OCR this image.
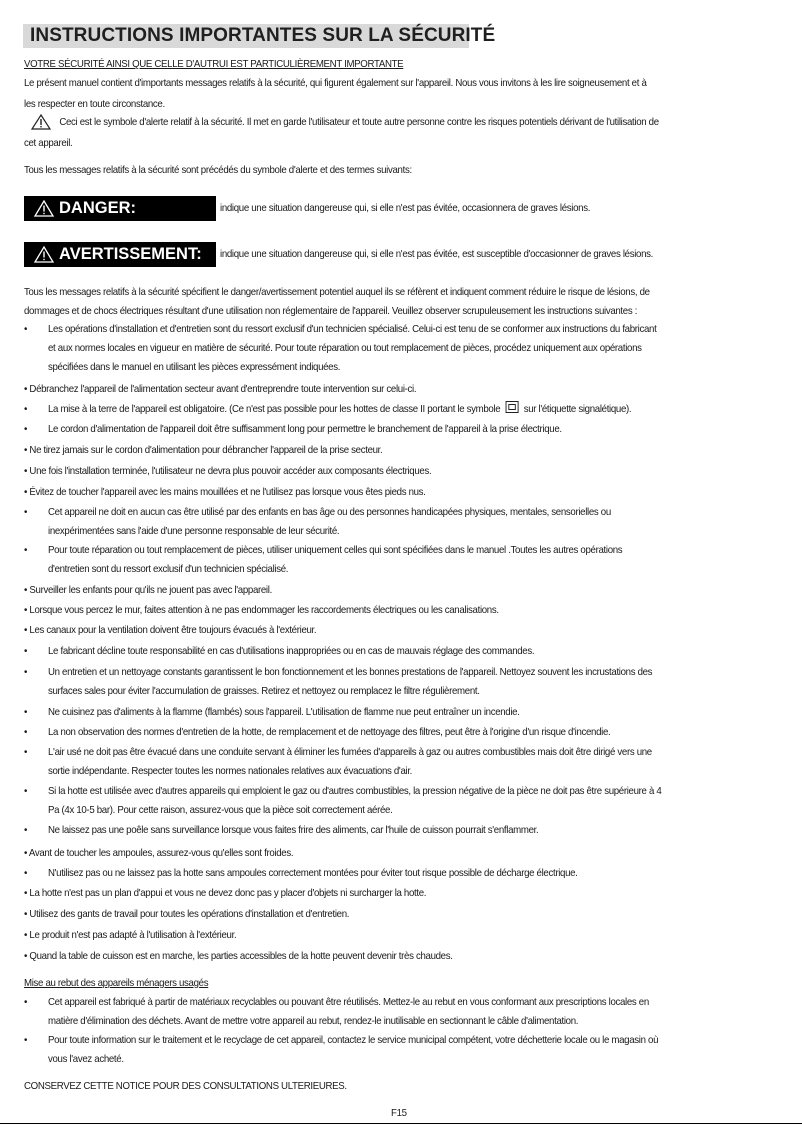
INSTRUCTIONS IMPORTANTES SUR LA SÉCURITÉ
VOTRE SÉCURITÉ AINSI QUE CELLE D'AUTRUI EST PARTICULIÈREMENT IMPORTANTE
Le présent manuel contient d'importants messages relatifs à la sécurité, qui figurent également sur l'appareil. Nous vous invitons à les lire soigneusement et à
les respecter en toute circonstance.
Ceci est le symbole d'alerte relatif à la sécurité. Il met en garde l'utilisateur et toute autre personne contre les risques potentiels dérivant de l'utilisation de
cet appareil.
Tous les messages relatifs à la sécurité sont précédés du symbole d'alerte et des termes suivants:
DANGER:	indique une situation dangereuse qui, si elle n'est pas évitée, occasionnera de graves lésions.
AVERTISSEMENT: indique une situation dangereuse qui, si elle n'est pas évitée, est susceptible d'occasionner de graves lésions.
Tous les messages relatifs à la sécurité spécifient le danger/avertissement potentiel auquel ils se réfèrent et indiquent comment réduire le risque de lésions, de
dommages et de chocs électriques résultant d'une utilisation non réglementaire de l'appareil. Veuillez observer scrupuleusement les instructions suivantes :
•	Les opérations d'installation et d'entretien sont du ressort exclusif d'un technicien spécialisé. Celui-ci est tenu de se conformer aux instructions du fabricant
et aux normes locales en vigueur en matière de sécurité. Pour toute réparation ou tout remplacement de pièces, procédez uniquement aux opérations
spécifiées dans le manuel en utilisant les pièces expressément indiquées.
• Débranchez l'appareil de l'alimentation secteur avant d'entreprendre toute intervention sur celui-ci.
•	La mise à la terre de l'appareil est obligatoire. (Ce n'est pas possible pour les hottes de classe II portant le symbole sur l'étiquette signalétique).
•	Le cordon d'alimentation de l'appareil doit être suffisamment long pour permettre le branchement de l'appareil à la prise électrique.
• Ne tirez jamais sur le cordon d'alimentation pour débrancher l'appareil de la prise secteur.
• Une fois l'installation terminée, l'utilisateur ne devra plus pouvoir accéder aux composants électriques.
• Évitez de toucher l'appareil avec les mains mouillées et ne l'utilisez pas lorsque vous êtes pieds nus.
•	Cet appareil ne doit en aucun cas être utilisé par des enfants en bas âge ou des personnes handicapées physiques, mentales, sensorielles ou
inexpérimentées sans l'aide d'une personne responsable de leur sécurité.
•	Pour toute réparation ou tout remplacement de pièces, utiliser uniquement celles qui sont spécifiées dans le manuel .Toutes les autres opérations
d'entretien sont du ressort exclusif d'un technicien spécialisé.
• Surveiller les enfants pour qu'ils ne jouent pas avec l'appareil.
• Lorsque vous percez le mur, faites attention à ne pas endommager les raccordements électriques ou les canalisations.
• Les canaux pour la ventilation doivent être toujours évacués à l'extérieur.
•	Le fabricant décline toute responsabilité en cas d'utilisations inappropriées ou en cas de mauvais réglage des commandes.
•	Un entretien et un nettoyage constants garantissent le bon fonctionnement et les bonnes prestations de l'appareil. Nettoyez souvent les incrustations des
surfaces sales pour éviter l'accumulation de graisses. Retirez et nettoyez ou remplacez le filtre régulièrement.
•	Ne cuisinez pas d'aliments à la flamme (flambés) sous l'appareil. L'utilisation de flamme nue peut entraîner un incendie.
•	La non observation des normes d'entretien de la hotte, de remplacement et de nettoyage des filtres, peut être à l'origine d'un risque d'incendie.
•	L'air usé ne doit pas être évacué dans une conduite servant à éliminer les fumées d'appareils à gaz ou autres combustibles mais doit être dirigé vers une
sortie indépendante. Respecter toutes les normes nationales relatives aux évacuations d'air.
•	Si la hotte est utilisée avec d'autres appareils qui emploient le gaz ou d'autres combustibles, la pression négative de la pièce ne doit pas être supérieure à 4
Pa (4x 10-5 bar). Pour cette raison, assurez-vous que la pièce soit correctement aérée.
•	Ne laissez pas une poêle sans surveillance lorsque vous faites frire des aliments, car l'huile de cuisson pourrait s'enflammer.
• Avant de toucher les ampoules, assurez-vous qu'elles sont froides.
•	N'utilisez pas ou ne laissez pas la hotte sans ampoules correctement montées pour éviter tout risque possible de décharge électrique.
• La hotte n'est pas un plan d'appui et vous ne devez donc pas y placer d'objets ni surcharger la hotte.
• Utilisez des gants de travail pour toutes les opérations d'installation et d'entretien.
• Le produit n'est pas adapté à l'utilisation à l'extérieur.
• Quand la table de cuisson est en marche, les parties accessibles de la hotte peuvent devenir très chaudes.
Mise au rebut des appareils ménagers usagés
•	Cet appareil est fabriqué à partir de matériaux recyclables ou pouvant être réutilisés. Mettez-le au rebut en vous conformant aux prescriptions locales en
matière d'élimination des déchets. Avant de mettre votre appareil au rebut, rendez-le inutilisable en sectionnant le câble d'alimentation.
•	Pour toute information sur le traitement et le recyclage de cet appareil, contactez le service municipal compétent, votre déchetterie locale ou le magasin où
vous l'avez acheté.
CONSERVEZ CETTE NOTICE POUR DES CONSULTATIONS ULTERIEURES.
F15
